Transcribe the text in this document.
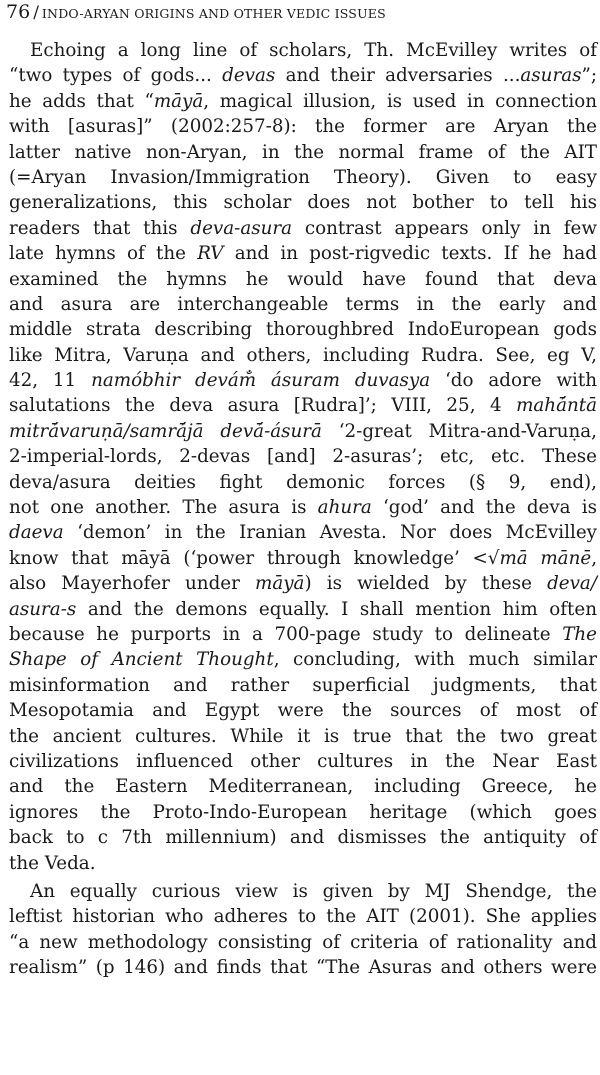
76 / INDO-ARYAN ORIGINS AND OTHER VEDIC ISSUES
Echoing a long line of scholars, Th. McEvilley writes of
“two types of gods... devas and their adversaries ...asuras”;
he adds that “māyā, magical illusion, is used in connection
with [asuras]” (2002:257-8): the former are Aryan the
latter native non-Aryan, in the normal frame of the AIT
(=Aryan Invasion/Immigration Theory). Given to easy
generalizations, this scholar does not bother to tell his
readers that this deva-asura contrast appears only in few
late hymns of the RV and in post-rigvedic texts. If he had
examined the hymns he would have found that deva
and asura are interchangeable terms in the early and
middle strata describing thoroughbred IndoEuropean gods
like Mitra, Varuṇa and others, including Rudra. See, eg V,
42, 11 namóbhir devám̐ ásuram duvasya ‘do adore with
salutations the deva asura [Rudra]’; VIII, 25, 4 mahā́ntā
mitrā́varuṇā/samrā́jā devā́-ásurā ‘2-great Mitra-and-Varuṇa,
2-imperial-lords, 2-devas [and] 2-asuras’; etc, etc. These
deva/asura deities fight demonic forces (§ 9, end),
not one another. The asura is ahura ‘god’ and the deva is
daeva ‘demon’ in the Iranian Avesta. Nor does McEvilley
know that māyā (‘power through knowledge’ <√mā mānē,
also Mayerhofer under māyā) is wielded by these deva/
asura-s and the demons equally. I shall mention him often
because he purports in a 700-page study to delineate The
Shape of Ancient Thought, concluding, with much similar
misinformation and rather superficial judgments, that
Mesopotamia and Egypt were the sources of most of
the ancient cultures. While it is true that the two great
civilizations influenced other cultures in the Near East
and the Eastern Mediterranean, including Greece, he
ignores the Proto-Indo-European heritage (which goes
back to c 7th millennium) and dismisses the antiquity of
the Veda.
An equally curious view is given by MJ Shendge, the
leftist historian who adheres to the AIT (2001). She applies
“a new methodology consisting of criteria of rationality and
realism” (p 146) and finds that “The Asuras and others were
